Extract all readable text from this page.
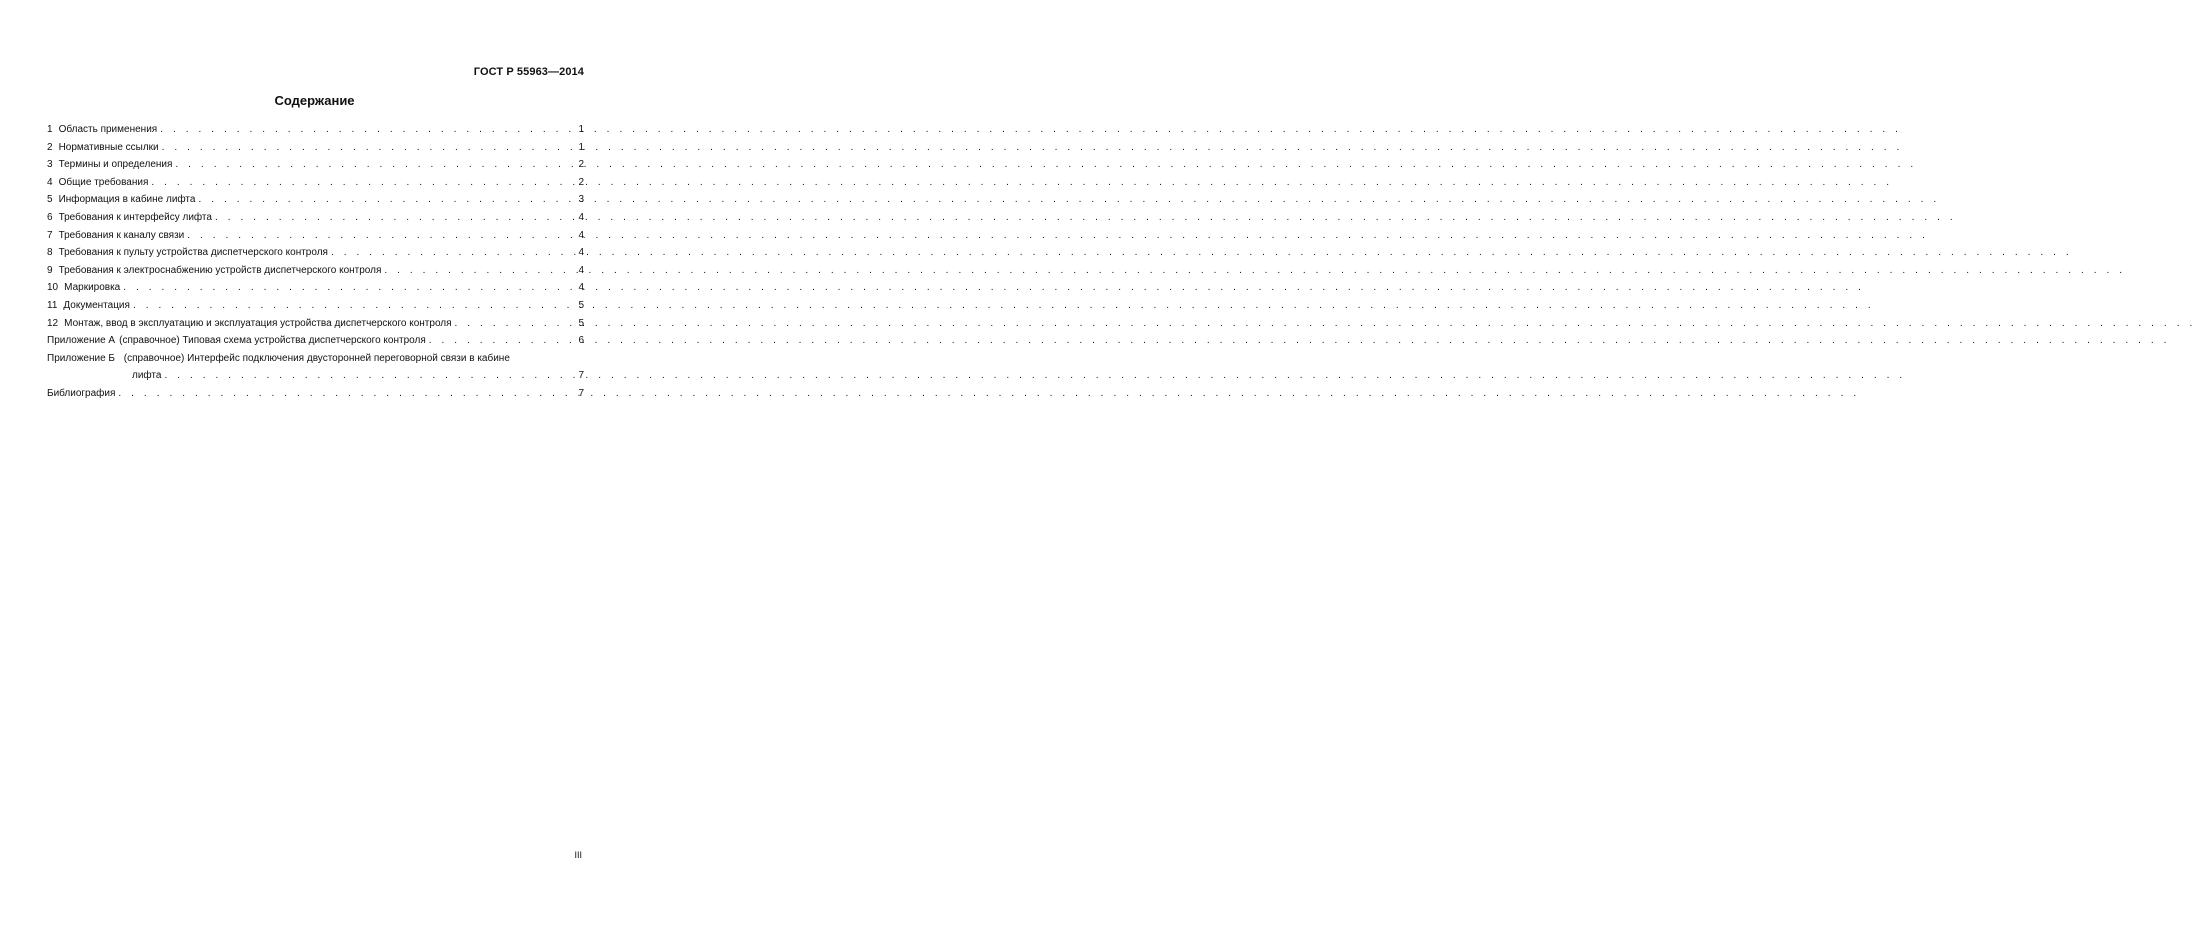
ГОСТ Р 55963—2014
Содержание
1 Область применения . . .	1
2 Нормативные ссылки . . .	1
3 Термины и определения . . .	2
4 Общие требования . . .	2
5 Информация в кабине лифта . . .	3
6 Требования к интерфейсу лифта . . .	4
7 Требования к каналу связи . . .	4
8 Требования к пульту устройства диспетчерского контроля . . .	4
9 Требования к электроснабжению устройств диспетчерского контроля . . .	4
10 Маркировка . . .	4
11 Документация . . .	5
12 Монтаж, ввод в эксплуатацию и эксплуатация устройства диспетчерского контроля . . .	5
Приложение А (справочное) Типовая схема устройства диспетчерского контроля . . .	6
Приложение Б (справочное) Интерфейс подключения двусторонней переговорной связи в кабине
лифта . . .	7
Библиография . . .	7
III
